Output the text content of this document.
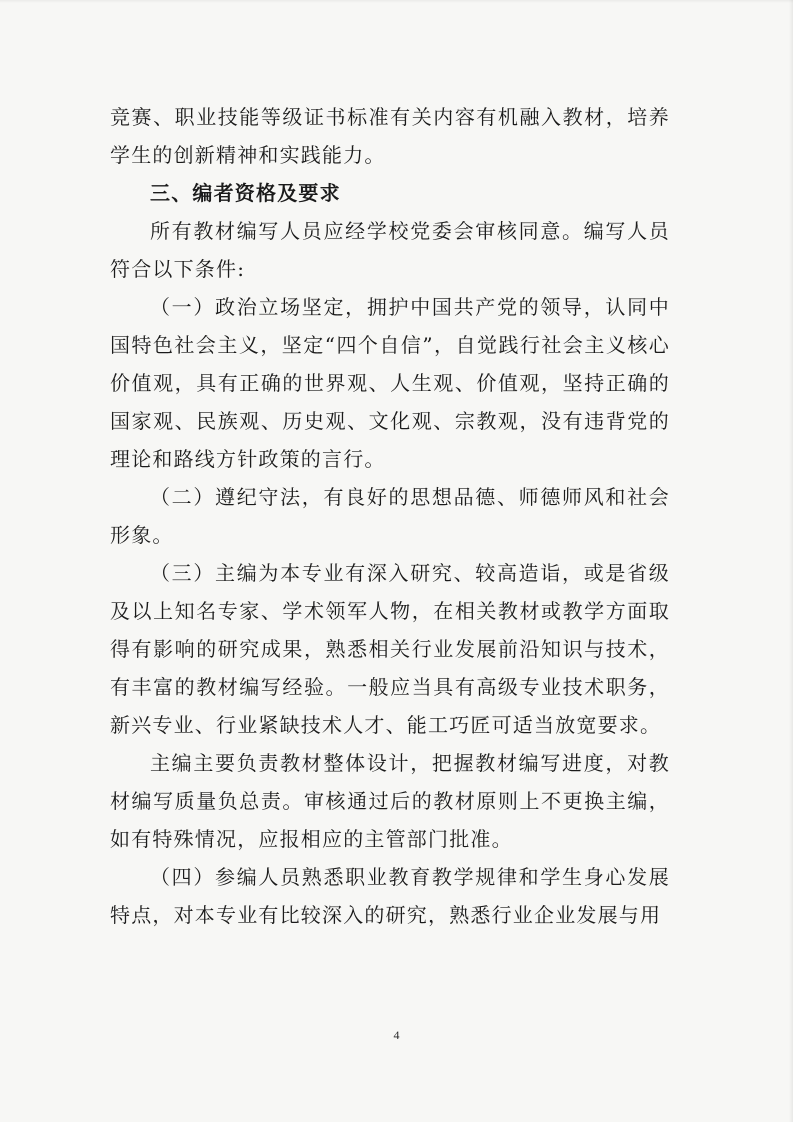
竞赛、职业技能等级证书标准有关内容有机融入教材，培养学生的创新精神和实践能力。

三、编者资格及要求

所有教材编写人员应经学校党委会审核同意。编写人员符合以下条件:

（一）政治立场坚定，拥护中国共产党的领导，认同中国特色社会主义，坚定“四个自信”，自觉践行社会主义核心价值观，具有正确的世界观、人生观、价值观，坚持正确的国家观、民族观、历史观、文化观、宗教观，没有违背党的理论和路线方针政策的言行。

（二）遵纪守法，有良好的思想品德、师德师风和社会形象。

（三）主编为本专业有深入研究、较高造诣，或是省级及以上知名专家、学术领军人物，在相关教材或教学方面取得有影响的研究成果，熟悉相关行业发展前沿知识与技术，有丰富的教材编写经验。一般应当具有高级专业技术职务，新兴专业、行业紧缺技术人才、能工巧匠可适当放宽要求。

主编主要负责教材整体设计，把握教材编写进度，对教材编写质量负总责。审核通过后的教材原则上不更换主编，如有特殊情况，应报相应的主管部门批准。

（四）参编人员熟悉职业教育教学规律和学生身心发展特点，对本专业有比较深入的研究，熟悉行业企业发展与用

4
